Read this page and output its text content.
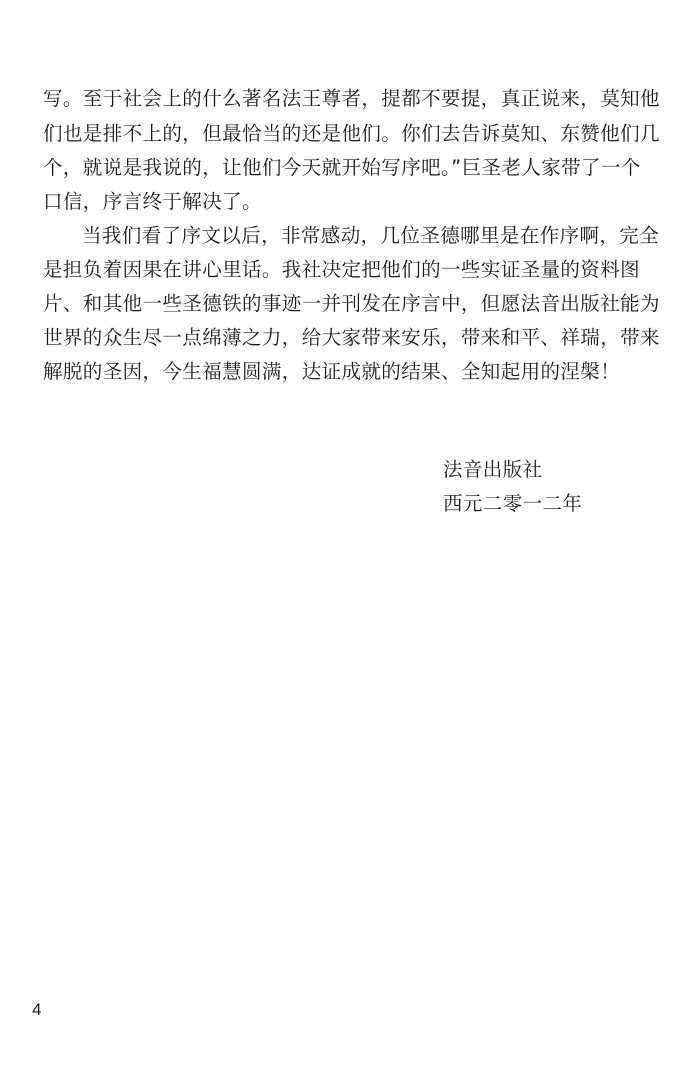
写。至于社会上的什么著名法王尊者，提都不要提，真正说来，莫知他
们也是排不上的，但最恰当的还是他们。你们去告诉莫知、东赞他们几
个，就说是我说的，让他们今天就开始写序吧。”巨圣老人家带了一个
口信，序言终于解决了。
当我们看了序文以后，非常感动，几位圣德哪里是在作序啊，完全
是担负着因果在讲心里话。我社决定把他们的一些实证圣量的资料图
片、和其他一些圣德铁的事迹一并刊发在序言中，但愿法音出版社能为
世界的众生尽一点绵薄之力，给大家带来安乐，带来和平、祥瑞，带来
解脱的圣因，今生福慧圆满，达证成就的结果、全知起用的涅槃！
法音出版社
西元二零一二年
4
